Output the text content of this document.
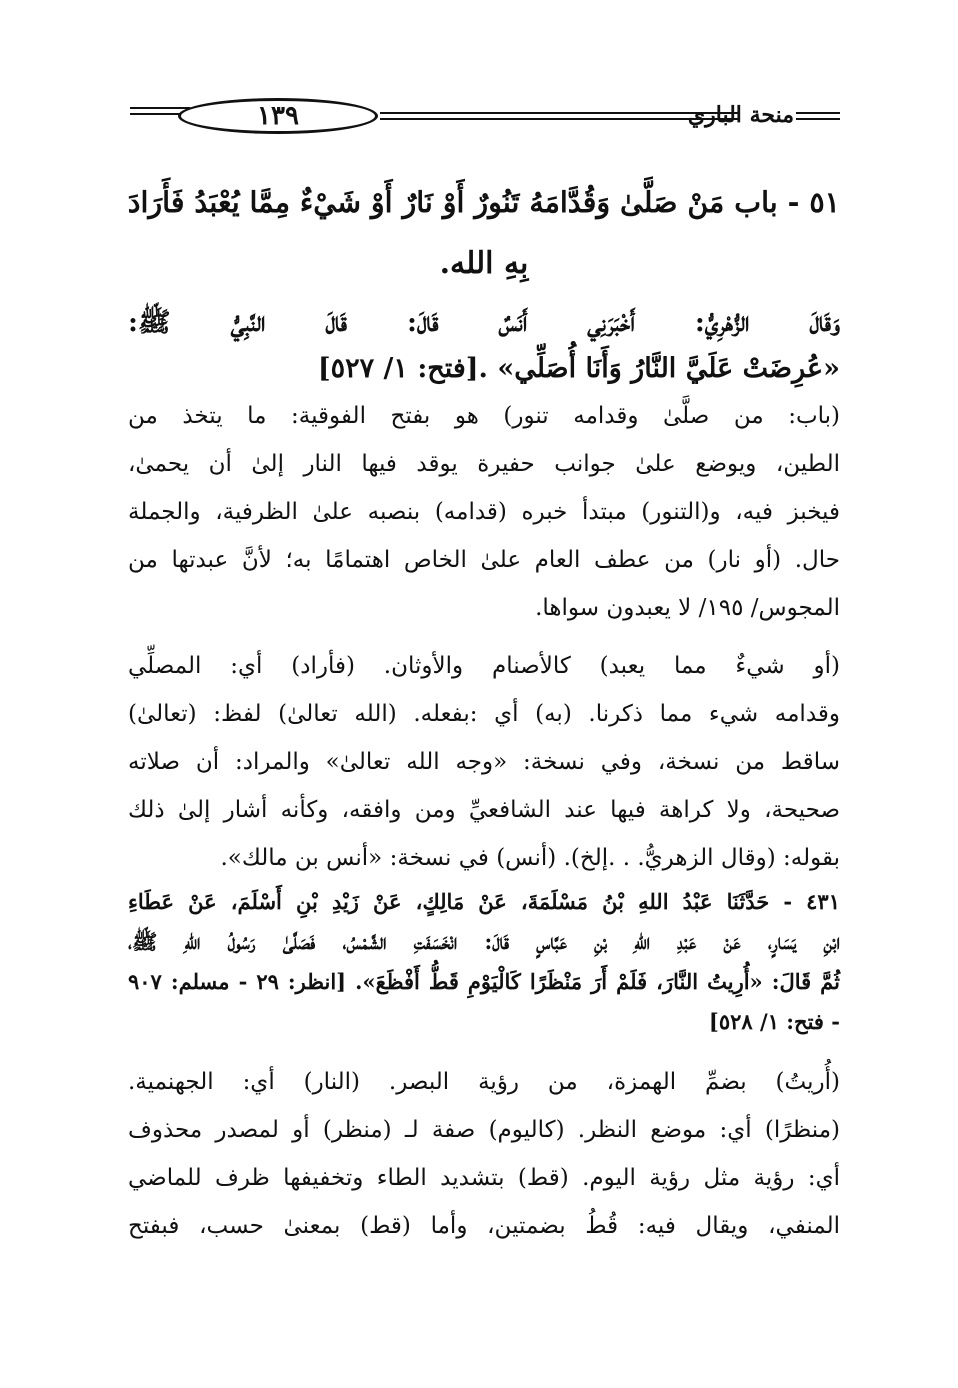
١٣٩	منحة الباري
٥١ - باب مَنْ صَلَّىٰ وَقُدَّامَهُ تَنُورٌ أَوْ نَارٌ أَوْ شَيْءٌ مِمَّا يُعْبَدُ فَأَرَادَ
بِهِ الله.
وَقَالَ الزُّهْرِيُّ: أَخْبَرَنِي أَنَسٌ قَالَ: قَالَ النَّبِيُّ ﷺ:
«عُرِضَتْ عَلَيَّ النَّارُ وَأَنَا أُصَلِّي» .[فتح: ١/ ٥٢٧]
(باب: من صلَّىٰ وقدامه تنور) هو بفتح الفوقية: ما يتخذ من
الطين، ويوضع علىٰ جوانب حفيرة يوقد فيها النار إلىٰ أن يحمىٰ،
فيخبز فيه، و(التنور) مبتدأ خبره (قدامه) بنصبه علىٰ الظرفية، والجملة
حال. (أو نار) من عطف العام علىٰ الخاص اهتمامًا به؛ لأنَّ عبدتها من
المجوس/ ١٩٥/ لا يعبدون سواها.
(أو شيءٌ مما يعبد) كالأصنام والأوثان. (فأراد) أي: المصلِّي
وقدامه شيء مما ذكرنا. (به) أي :بفعله. (الله تعالىٰ) لفظ: (تعالىٰ)
ساقط من نسخة، وفي نسخة: «وجه الله تعالىٰ» والمراد: أن صلاته
صحيحة، ولا كراهة فيها عند الشافعيِّ ومن وافقه، وكأنه أشار إلىٰ ذلك
بقوله: (وقال الزهريُّ. . .إلخ). (أنس) في نسخة: «أنس بن مالك».
٤٣١ - حَدَّثَنَا عَبْدُ اللهِ بْنُ مَسْلَمَةَ، عَنْ مَالِكٍ، عَنْ زَيْدِ بْنِ أَسْلَمَ، عَنْ عَطَاءِ
ابْنِ يَسَارٍ، عَنْ عَبْدِ اللهِ بْنِ عَبَّاسٍ قَالَ: انْخَسَفَتِ الشَّمْسُ، فَصَلَّىٰ رَسُولُ اللهِ ﷺ،
ثُمَّ قَالَ: «أُرِيتُ النَّارَ، فَلَمْ أَرَ مَنْظَرًا كَالْيَوْمِ قَطُّ أَفْظَعَ». [انظر: ٢٩ - مسلم: ٩٠٧
- فتح: ١/ ٥٢٨]
(أُريتُ) بضمِّ الهمزة، من رؤية البصر. (النار) أي: الجهنمية.
(منظرًا) أي: موضع النظر. (كاليوم) صفة لـ (منظر) أو لمصدر محذوف
أي: رؤية مثل رؤية اليوم. (قط) بتشديد الطاء وتخفيفها ظرف للماضي
المنفي، ويقال فيه: قُطُ بضمتين، وأما (قط) بمعنىٰ حسب، فبفتح
